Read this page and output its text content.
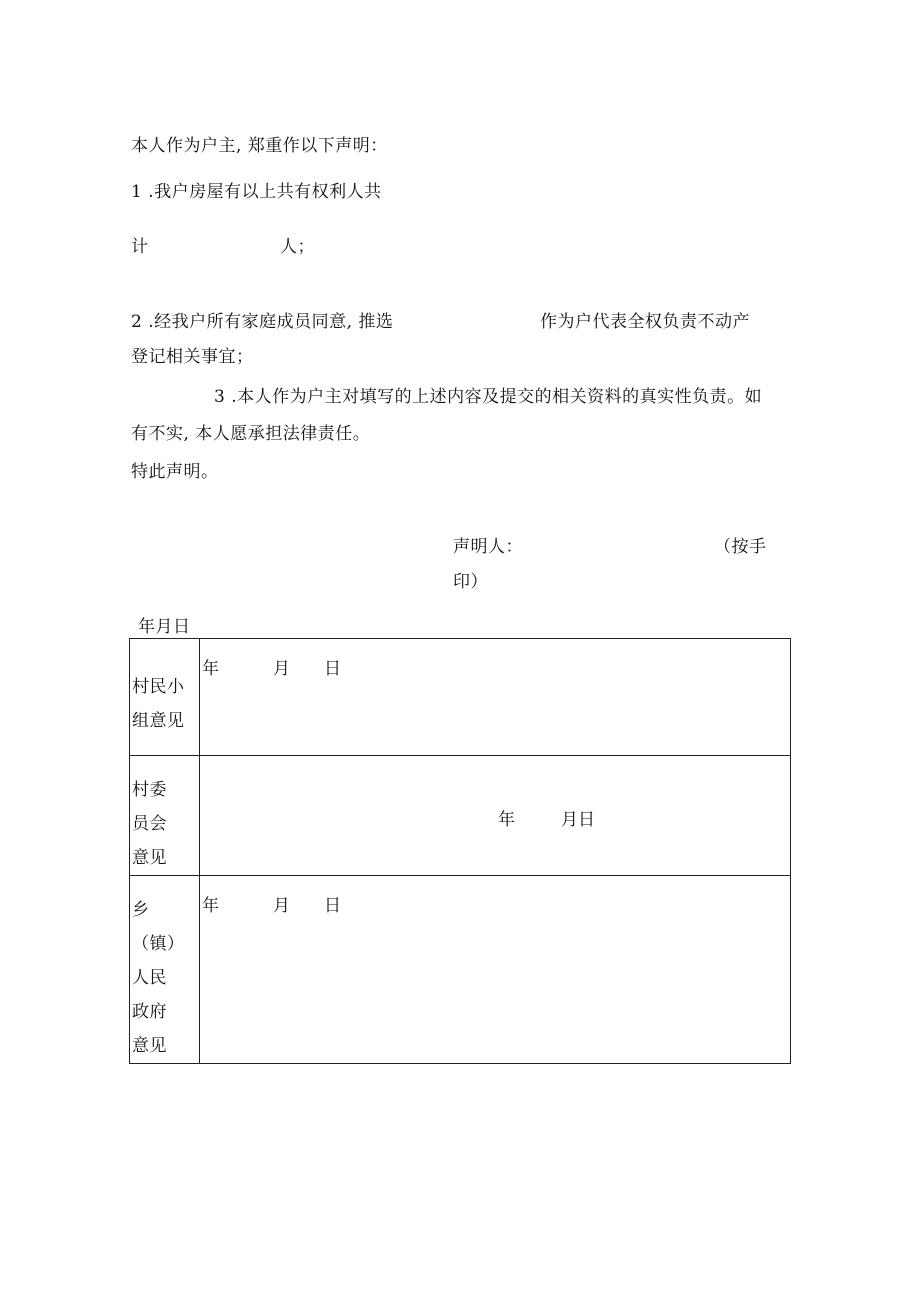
本人作为户主, 郑重作以下声明：
1 .我户房屋有以上共有权利人共
计	人；
2 .经我户所有家庭成员同意, 推选	作为户代表全权负责不动产
登记相关事宜；
3 .本人作为户主对填写的上述内容及提交的相关资料的真实性负责。如
有不实, 本人愿承担法律责任。
特此声明。
声明人：	（按手
印）
年月日
村民小
组意见	年 月 日

村委
员会
意见	年 月日

乡
（镇）
人民
政府
意见	年 月 日
